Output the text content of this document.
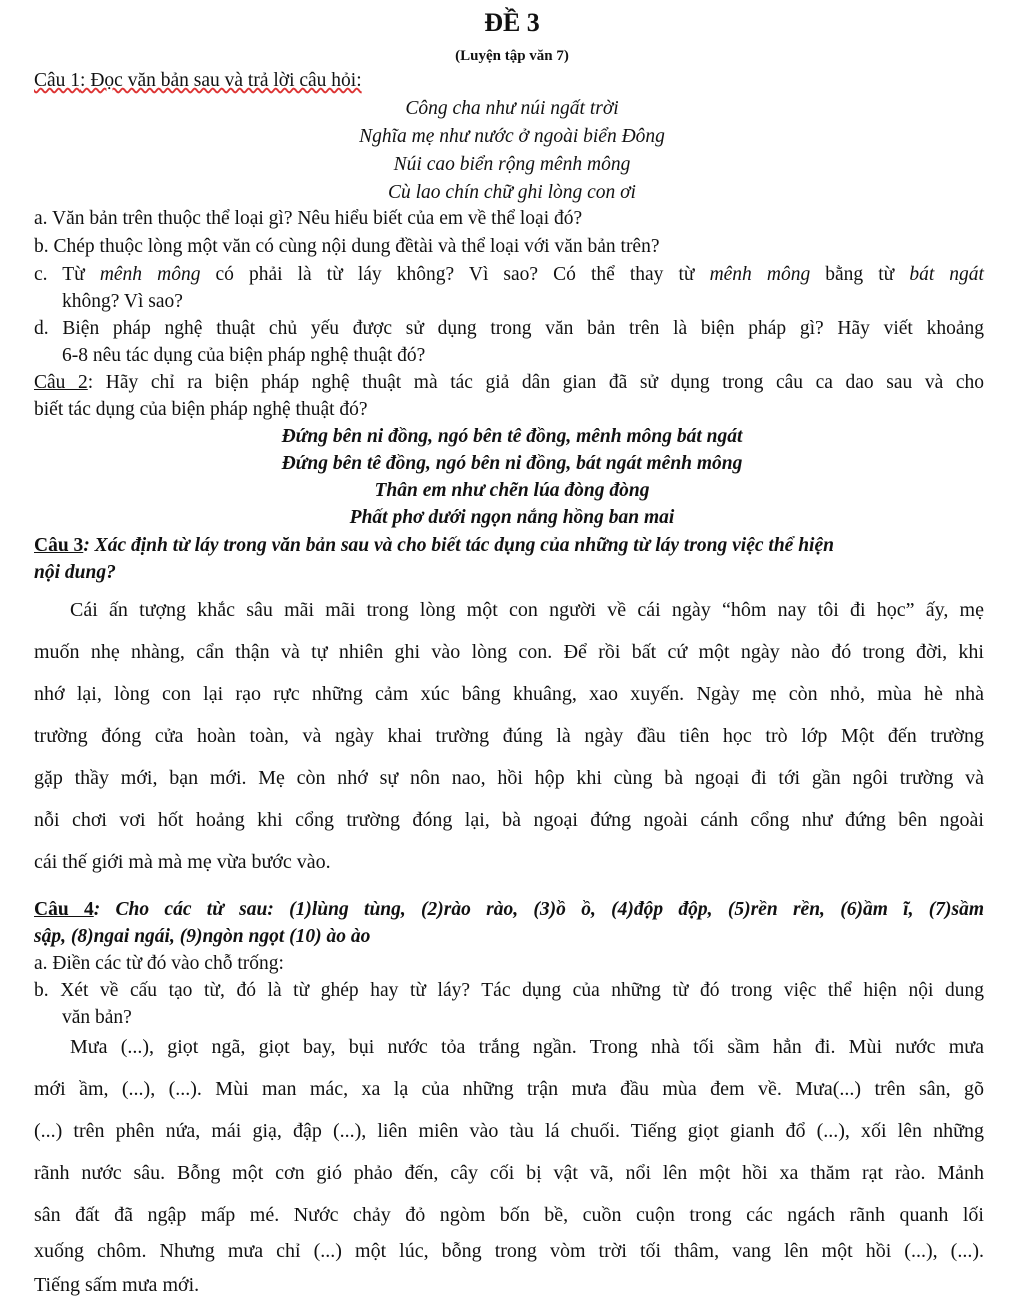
ĐỀ 3
(Luyện tập văn 7)
Câu 1: Đọc văn bản sau và trả lời câu hỏi:
Công cha như núi ngất trời
Nghĩa mẹ như nước ở ngoài biển Đông
Núi cao biển rộng mênh mông
Cù lao chín chữ ghi lòng con ơi
a. Văn bản trên thuộc thể loại gì? Nêu hiểu biết của em về thể loại đó?
b. Chép thuộc lòng một văn có cùng nội dung đềtài và thể loại với văn bản trên?
c. Từ mênh mông có phải là từ láy không? Vì sao? Có thể thay từ mênh mông bằng từ bát ngát
không? Vì sao?
d. Biện pháp nghệ thuật chủ yếu được sử dụng trong văn bản trên là biện pháp gì? Hãy viết khoảng
6-8 nêu tác dụng của biện pháp nghệ thuật đó?
Câu 2: Hãy chỉ ra biện pháp nghệ thuật mà tác giả dân gian đã sử dụng trong câu ca dao sau và cho
biết tác dụng của biện pháp nghệ thuật đó?
Đứng bên ni đồng, ngó bên tê đồng, mênh mông bát ngát
Đứng bên tê đồng, ngó bên ni đồng, bát ngát mênh mông
Thân em như chẽn lúa đòng đòng
Phất phơ dưới ngọn nắng hồng ban mai
Câu 3: Xác định từ láy trong văn bản sau và cho biết tác dụng của những từ láy trong việc thể hiện
nội dung?
Cái ấn tượng khắc sâu mãi mãi trong lòng một con người về cái ngày “hôm nay tôi đi học” ấy, mẹ
muốn nhẹ nhàng, cẩn thận và tự nhiên ghi vào lòng con. Để rồi bất cứ một ngày nào đó trong đời, khi
nhớ lại, lòng con lại rạo rực những cảm xúc bâng khuâng, xao xuyến. Ngày mẹ còn nhỏ, mùa hè nhà
trường đóng cửa hoàn toàn, và ngày khai trường đúng là ngày đầu tiên học trò lớp Một đến trường
gặp thầy mới, bạn mới. Mẹ còn nhớ sự nôn nao, hồi hộp khi cùng bà ngoại đi tới gần ngôi trường và
nỗi chơi vơi hốt hoảng khi cổng trường đóng lại, bà ngoại đứng ngoài cánh cổng như đứng bên ngoài
cái thế giới mà mà mẹ vừa bước vào.
Câu 4: Cho các từ sau: (1)lùng tùng, (2)rào rào, (3)ồ ồ, (4)độp độp, (5)rền rền, (6)ầm ĩ, (7)sầm
sập, (8)ngai ngái, (9)ngòn ngọt (10) ào ào
a. Điền các từ đó vào chỗ trống:
b. Xét về cấu tạo từ, đó là từ ghép hay từ láy? Tác dụng của những từ đó trong việc thể hiện nội dung
văn bản?
Mưa (...), giọt ngã, giọt bay, bụi nước tỏa trắng ngần. Trong nhà tối sầm hẳn đi. Mùi nước mưa
mới ầm, (...), (...). Mùi man mác, xa lạ của những trận mưa đầu mùa đem về. Mưa(...) trên sân, gõ
(...) trên phên nứa, mái giạ, đập (...), liên miên vào tàu lá chuối. Tiếng giọt gianh đổ (...), xối lên những
rãnh nước sâu. Bỗng một cơn gió phảo đến, cây cối bị vật vã, nổi lên một hồi xa thăm rạt rào. Mảnh
sân đất đã ngập mấp mé. Nước chảy đỏ ngòm bốn bề, cuồn cuộn trong các ngách rãnh quanh lối
xuống chôm. Nhưng mưa chỉ (...) một lúc, bỗng trong vòm trời tối thâm, vang lên một hồi (...), (...).
Tiếng sấm mưa mới.
